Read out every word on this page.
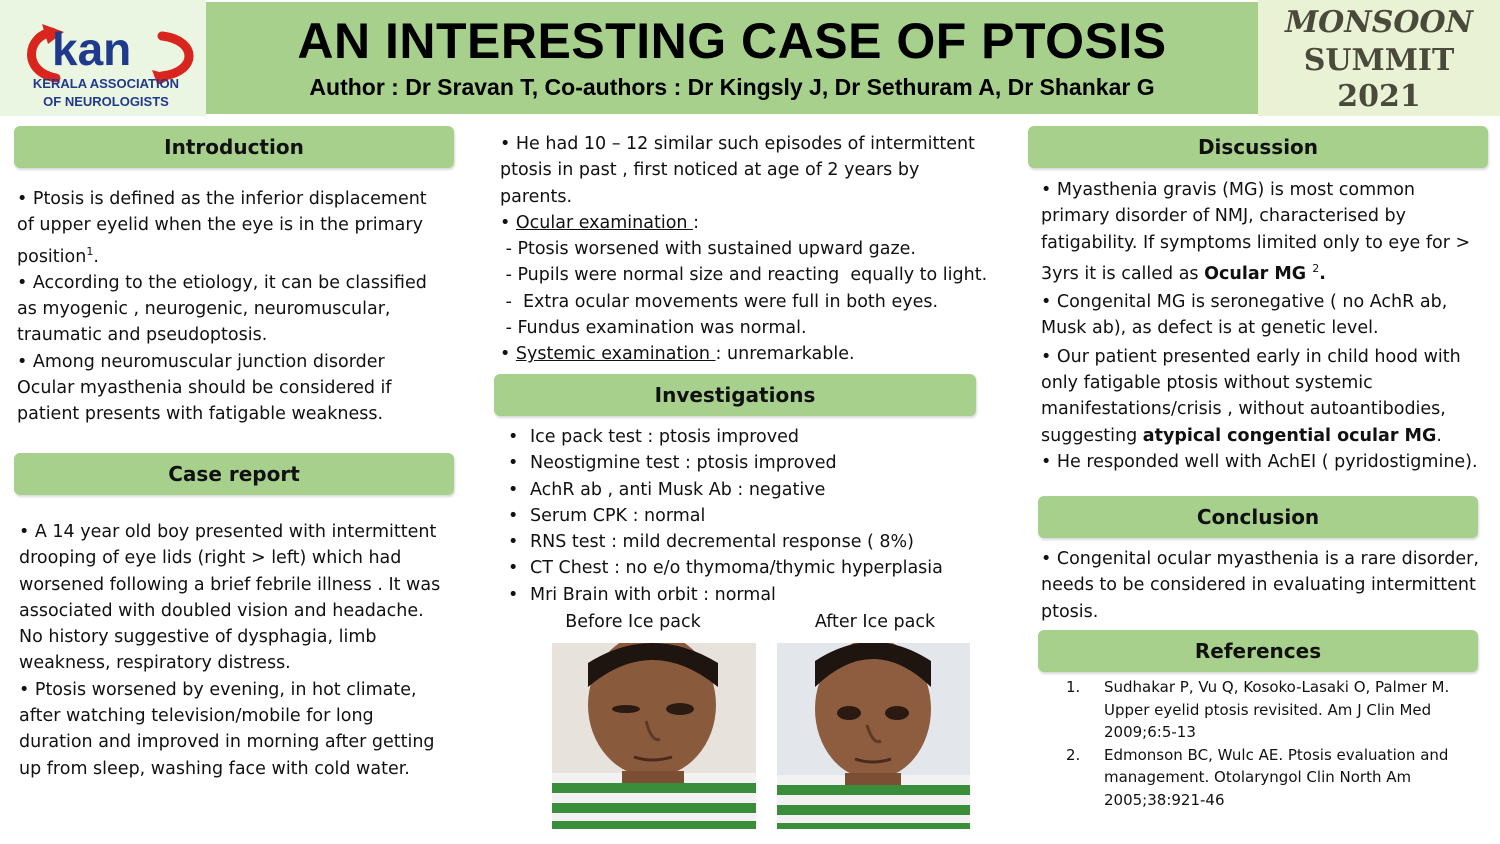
kan
KERALA ASSOCIATION
OF NEUROLOGISTS
AN INTERESTING CASE OF PTOSIS
Author : Dr Sravan T, Co-authors : Dr Kingsly J, Dr Sethuram A, Dr Shankar G
MONSOON
SUMMIT
2021
Introduction

• Ptosis is defined as the inferior displacement of upper eyelid when the eye is in the primary position$^1$.

• According to the etiology, it can be classified as myogenic , neurogenic, neuromuscular, traumatic and pseudoptosis.

• Among neuromuscular junction disorder Ocular myasthenia should be considered if patient presents with fatigable weakness.

Case report

• A 14 year old boy presented with intermittent drooping of eye lids (right > left) which had worsened following a brief febrile illness . It was associated with doubled vision and headache. No history suggestive of dysphagia, limb weakness, respiratory distress.

• Ptosis worsened by evening, in hot climate, after watching television/mobile for long duration and improved in morning after getting up from sleep, washing face with cold water.

• He had 10 – 12 similar such episodes of intermittent ptosis in past , first noticed at age of 2 years by parents.

• Ocular examination :

- Ptosis worsened with sustained upward gaze.

- Pupils were normal size and reacting  equally to light.

-  Extra ocular movements were full in both eyes.

- Fundus examination was normal.

• Systemic examination : unremarkable.

Investigations
• Ice pack test : ptosis improved
• Neostigmine test : ptosis improved
• AchR ab , anti Musk Ab : negative
• Serum CPK : normal
• RNS test : mild decremental response ( 8%)
• CT Chest : no e/o thymoma/thymic hyperplasia
• Mri Brain with orbit : normal
Before Ice pack	After Ice pack
Discussion

• Myasthenia gravis (MG) is most common primary disorder of NMJ, characterised by fatigability. If symptoms limited only to eye for > 3yrs it is called as Ocular MG $^2$.

• Congenital MG is seronegative ( no AchR ab, Musk ab), as defect is at genetic level.

• Our patient presented early in child hood with only fatigable ptosis without systemic manifestations/crisis , without autoantibodies, suggesting atypical congential ocular MG.

• He responded well with AchEI ( pyridostigmine).

Conclusion
• Congenital ocular myasthenia is a rare disorder, needs to be considered in evaluating intermittent ptosis.
References
1. Sudhakar P, Vu Q, Kosoko-Lasaki O, Palmer M. Upper eyelid ptosis revisited. Am J Clin Med 2009;6:5-13
2. Edmonson BC, Wulc AE. Ptosis evaluation and management. Otolaryngol Clin North Am 2005;38:921-46
